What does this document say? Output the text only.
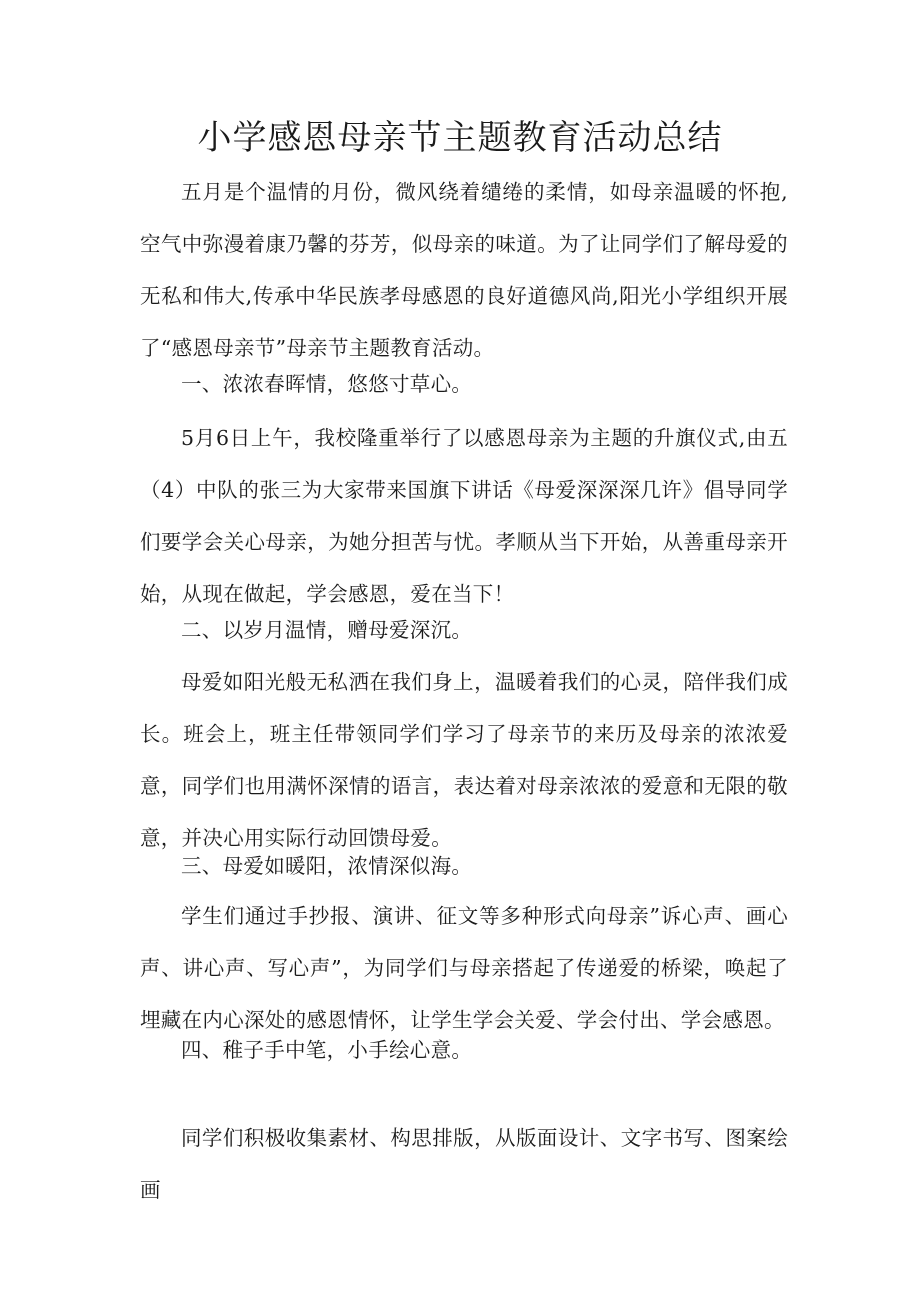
小学感恩母亲节主题教育活动总结

五月是个温情的月份，微风绕着缱绻的柔情，如母亲温暖的怀抱,空气中弥漫着康乃馨的芬芳，似母亲的味道。为了让同学们了解母爱的无私和伟大,传承中华民族孝母感恩的良好道德风尚,阳光小学组织开展了“感恩母亲节”母亲节主题教育活动。

一、浓浓春晖情，悠悠寸草心。

5月6日上午，我校隆重举行了以感恩母亲为主题的升旗仪式,由五（4）中队的张三为大家带来国旗下讲话《母爱深深深几许》倡导同学们要学会关心母亲，为她分担苦与忧。孝顺从当下开始，从善重母亲开始，从现在做起，学会感恩，爱在当下！

二、以岁月温情，赠母爱深沉。

母爱如阳光般无私洒在我们身上，温暖着我们的心灵，陪伴我们成长。班会上，班主任带领同学们学习了母亲节的来历及母亲的浓浓爱意，同学们也用满怀深情的语言，表达着对母亲浓浓的爱意和无限的敬意，并决心用实际行动回馈母爱。

三、母爱如暖阳，浓情深似海。

学生们通过手抄报、演讲、征文等多种形式向母亲”诉心声、画心声、讲心声、写心声”，为同学们与母亲搭起了传递爱的桥梁，唤起了埋藏在内心深处的感恩情怀，让学生学会关爱、学会付出、学会感恩。

四、稚子手中笔，小手绘心意。

同学们积极收集素材、构思排版，从版面设计、文字书写、图案绘画
